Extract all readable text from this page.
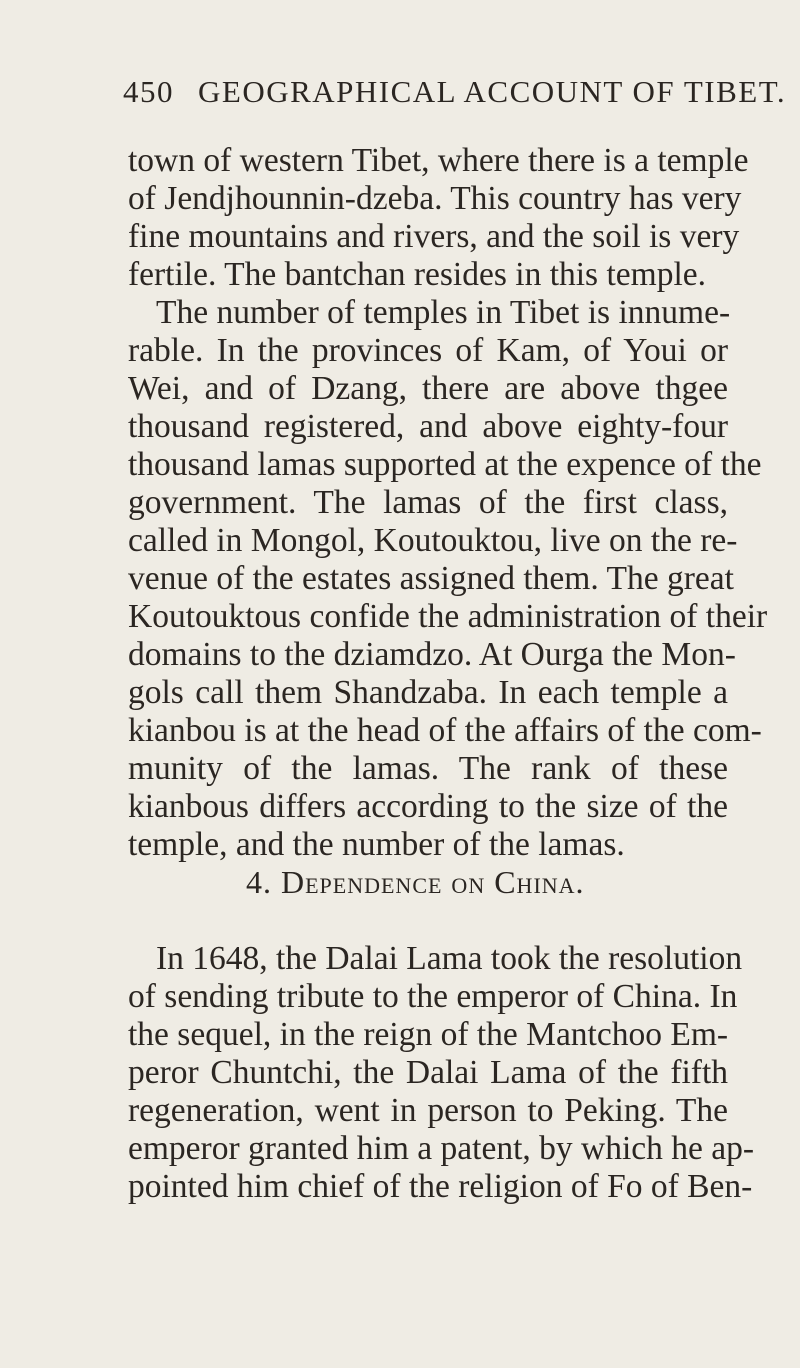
450 GEOGRAPHICAL ACCOUNT OF TIBET.
town of western Tibet, where there is a temple
of Jendjhounnin-dzeba. This country has very
fine mountains and rivers, and the soil is very
fertile. The bantchan resides in this temple.
The number of temples in Tibet is innume-
rable. In the provinces of Kam, of Youi or
Wei, and of Dzang, there are above thgee
thousand registered, and above eighty-four
thousand lamas supported at the expence of the
government. The lamas of the first class,
called in Mongol, Koutouktou, live on the re-
venue of the estates assigned them. The great
Koutouktous confide the administration of their
domains to the dziamdzo. At Ourga the Mon-
gols call them Shandzaba. In each temple a
kianbou is at the head of the affairs of the com-
munity of the lamas. The rank of these
kianbous differs according to the size of the
temple, and the number of the lamas.
4. Dependence on China.
In 1648, the Dalai Lama took the resolution
of sending tribute to the emperor of China. In
the sequel, in the reign of the Mantchoo Em-
peror Chuntchi, the Dalai Lama of the fifth
regeneration, went in person to Peking. The
emperor granted him a patent, by which he ap-
pointed him chief of the religion of Fo of Ben-
